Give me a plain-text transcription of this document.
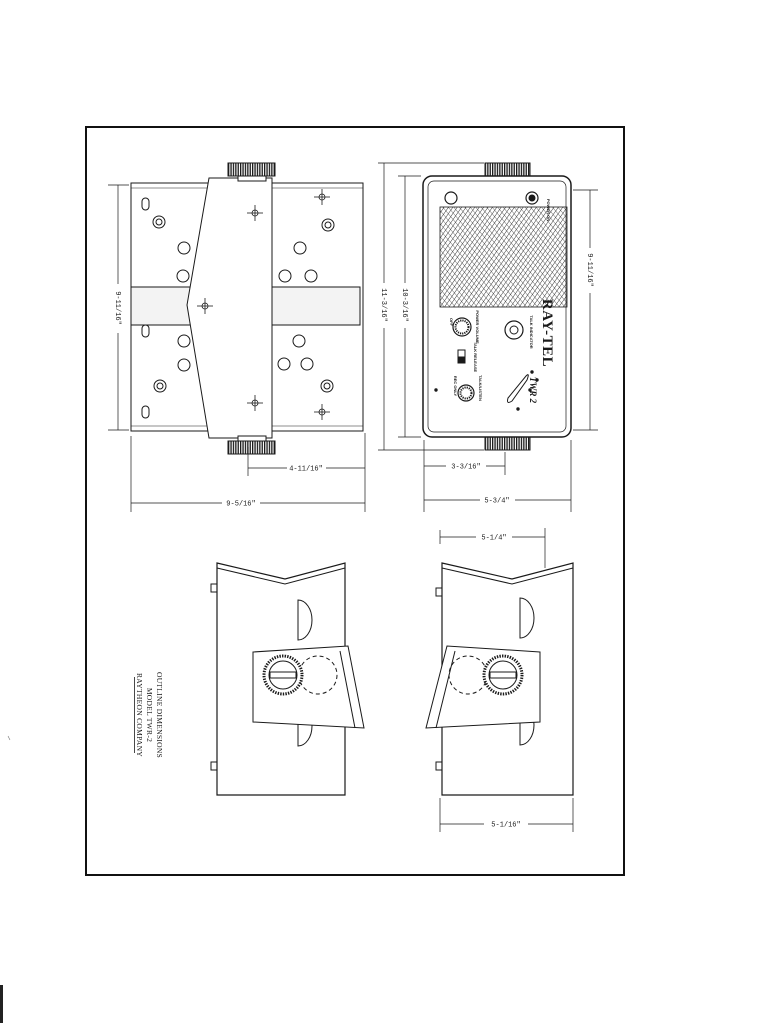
9-11/16"
4-11/16"
9-5/16"
POWER ON
OFF	POWER VOLUME	TALK INDICATOR
TALK RELEASE
REC ONLY	TALK/LISTEN
RAY-TEL
TWR 2
11-3/16" 10-3/16"
9-11/16"
3-3/16"
5-3/4"
5-1/4"
5-1/16"
OUTLINE DIMENSIONS
MODEL TWR-2
RAYTHEON COMPANY
